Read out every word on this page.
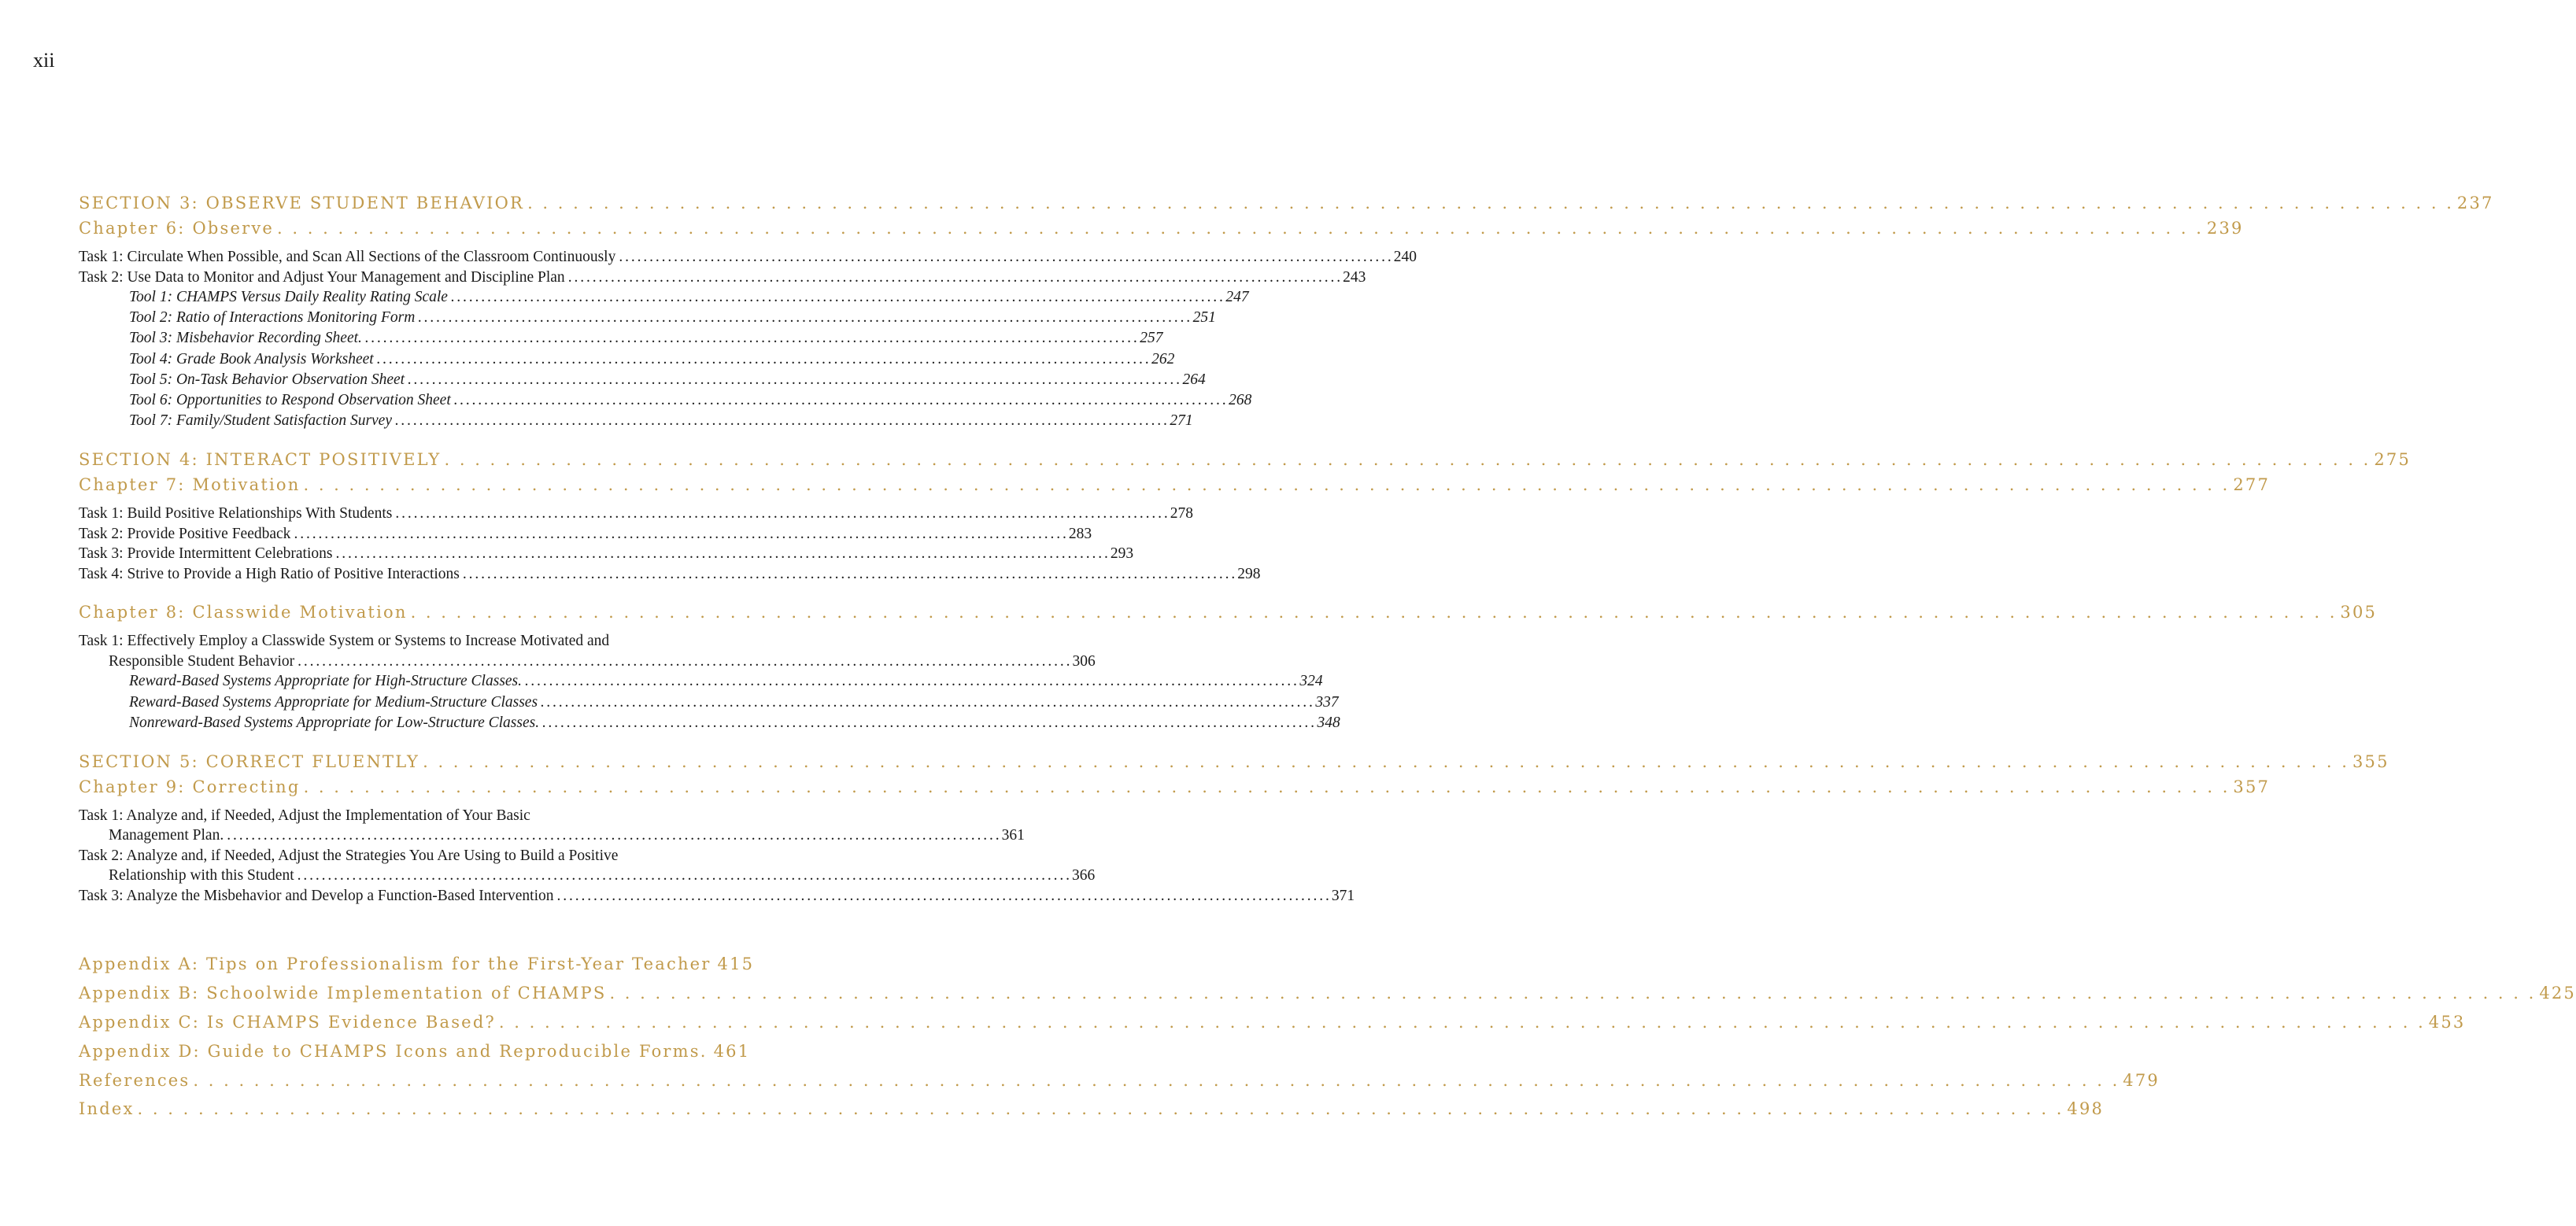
xii
SECTION 3: OBSERVE STUDENT BEHAVIOR . . .	237
Chapter 6: Observe . . .	239
Task 1: Circulate When Possible, and Scan All Sections of the Classroom Continuously . . .	240
Task 2: Use Data to Monitor and Adjust Your Management and Discipline Plan . . .	243
Tool 1: CHAMPS Versus Daily Reality Rating Scale . . .	247
Tool 2: Ratio of Interactions Monitoring Form . . .	251
Tool 3: Misbehavior Recording Sheet. . . .	257
Tool 4: Grade Book Analysis Worksheet . . .	262
Tool 5: On-Task Behavior Observation Sheet . . .	264
Tool 6: Opportunities to Respond Observation Sheet . . .	268
Tool 7: Family/Student Satisfaction Survey . . .	271
SECTION 4: INTERACT POSITIVELY . . .	275
Chapter 7: Motivation . . .	277
Task 1: Build Positive Relationships With Students . . .	278
Task 2: Provide Positive Feedback . . .	283
Task 3: Provide Intermittent Celebrations . . .	293
Task 4: Strive to Provide a High Ratio of Positive Interactions . . .	298
Chapter 8: Classwide Motivation . . .	305
Task 1: Effectively Employ a Classwide System or Systems to Increase Motivated and
Responsible Student Behavior . . .	306
Reward-Based Systems Appropriate for High-Structure Classes. . . .	324
Reward-Based Systems Appropriate for Medium-Structure Classes . . .	337
Nonreward-Based Systems Appropriate for Low-Structure Classes. . . .	348
SECTION 5: CORRECT FLUENTLY . . .	355
Chapter 9: Correcting . . .	357
Task 1: Analyze and, if Needed, Adjust the Implementation of Your Basic
Management Plan. . . .	361
Task 2: Analyze and, if Needed, Adjust the Strategies You Are Using to Build a Positive
Relationship with this Student . . .	366
Task 3: Analyze the Misbehavior and Develop a Function-Based Intervention . . .	371
Appendix A: Tips on Professionalism for the First-Year Teacher 415
Appendix B: Schoolwide Implementation of CHAMPS . . .	425
Appendix C: Is CHAMPS Evidence Based? . . .	453
Appendix D: Guide to CHAMPS Icons and Reproducible Forms. 461
References . . .	479
Index . . .	498
